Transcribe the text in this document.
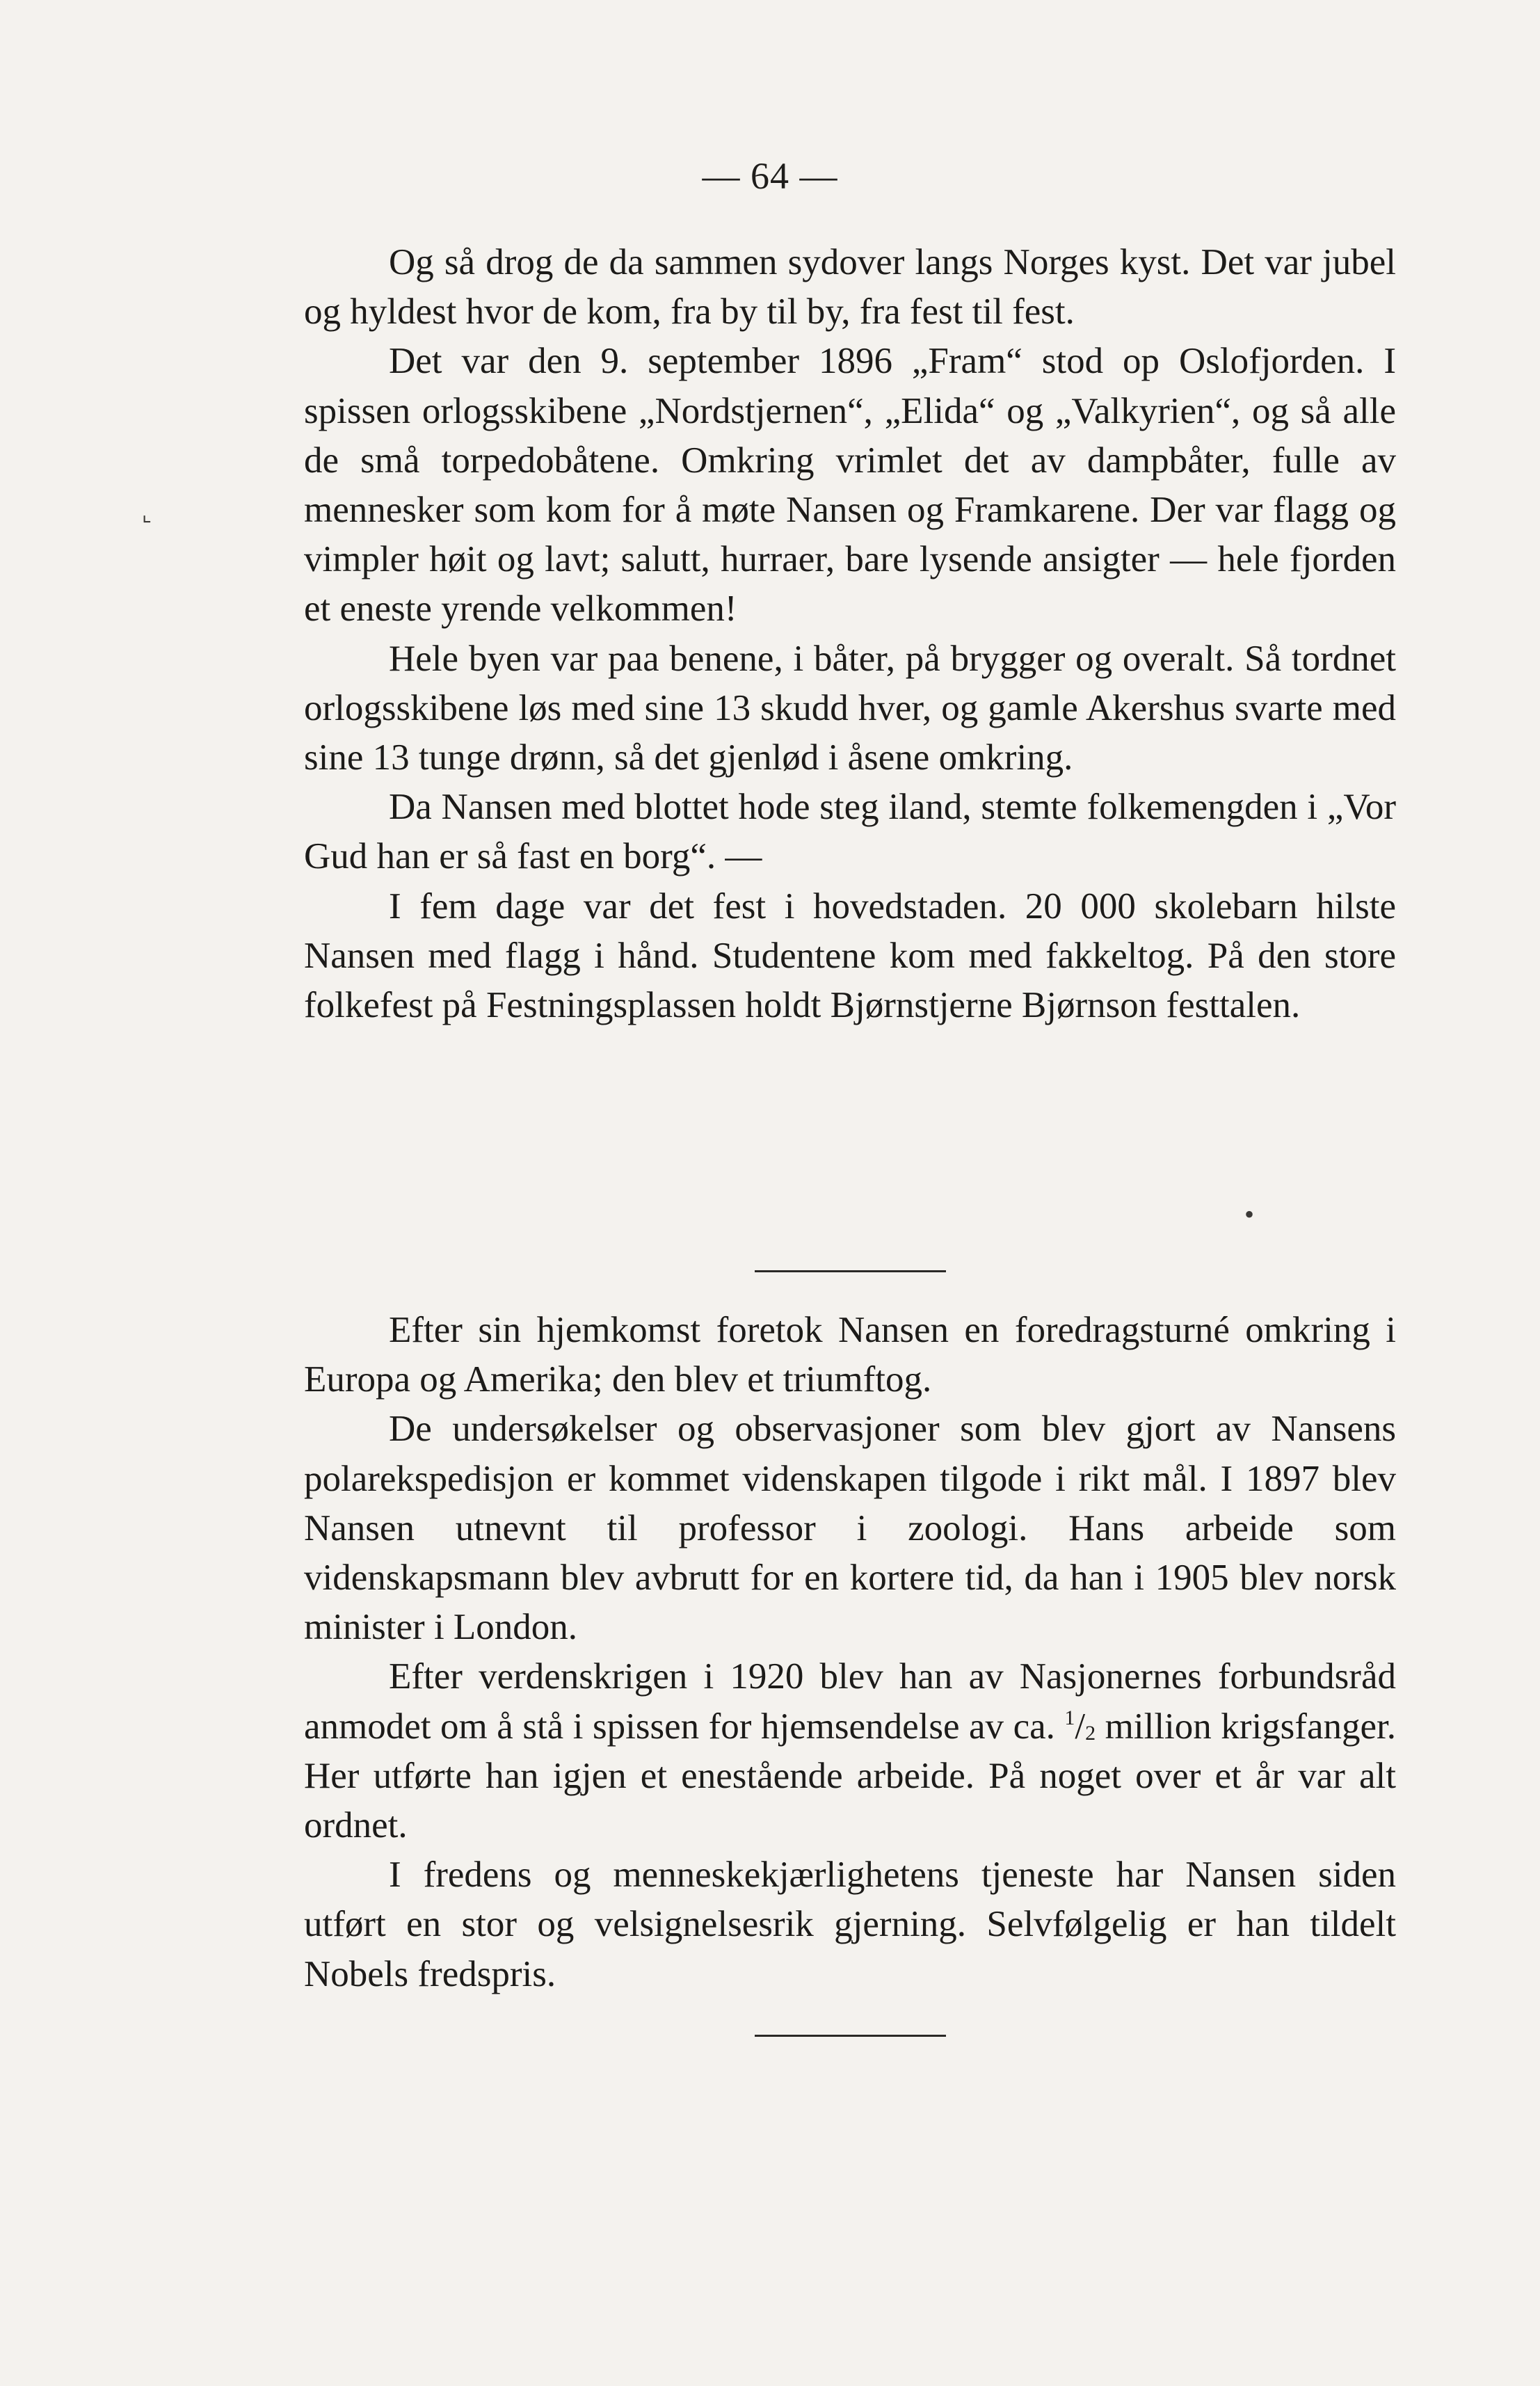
— 64 —
⌞

Og så drog de da sammen sydover langs Norges kyst. Det var jubel og hyldest hvor de kom, fra by til by, fra fest til fest.

Det var den 9. september 1896 „Fram“ stod op Oslofjorden. I spissen orlogsskibene „Nordstjernen“, „Elida“ og „Valkyrien“, og så alle de små torpedobåtene. Omkring vrimlet det av dampbåter, fulle av mennesker som kom for å møte Nansen og Framkarene. Der var flagg og vimpler høit og lavt; salutt, hurraer, bare lysende ansigter — hele fjorden et eneste yrende velkommen!

Hele byen var paa benene, i båter, på brygger og overalt. Så tordnet orlogsskibene løs med sine 13 skudd hver, og gamle Akershus svarte med sine 13 tunge drønn, så det gjenlød i åsene omkring.

Da Nansen med blottet hode steg iland, stemte folkemengden i „Vor Gud han er så fast en borg“. —

I fem dage var det fest i hovedstaden. 20 000 skolebarn hilste Nansen med flagg i hånd. Studentene kom med fakkeltog. På den store folkefest på Festningsplassen holdt Bjørnstjerne Bjørnson festtalen.

•

Efter sin hjemkomst foretok Nansen en foredragsturné omkring i Europa og Amerika; den blev et triumftog.

De undersøkelser og observasjoner som blev gjort av Nansens polarekspedisjon er kommet videnskapen tilgode i rikt mål. I 1897 blev Nansen utnevnt til professor i zoologi. Hans arbeide som videnskapsmann blev avbrutt for en kortere tid, da han i 1905 blev norsk minister i London.

Efter verdenskrigen i 1920 blev han av Nasjonernes forbundsråd anmodet om å stå i spissen for hjemsendelse av ca. $^1/_2$ million krigsfanger. Her utførte han igjen et enestående arbeide. På noget over et år var alt ordnet.

I fredens og menneskekjærlighetens tjeneste har Nansen siden utført en stor og velsignelsesrik gjerning. Selvfølgelig er han tildelt Nobels fredspris.
